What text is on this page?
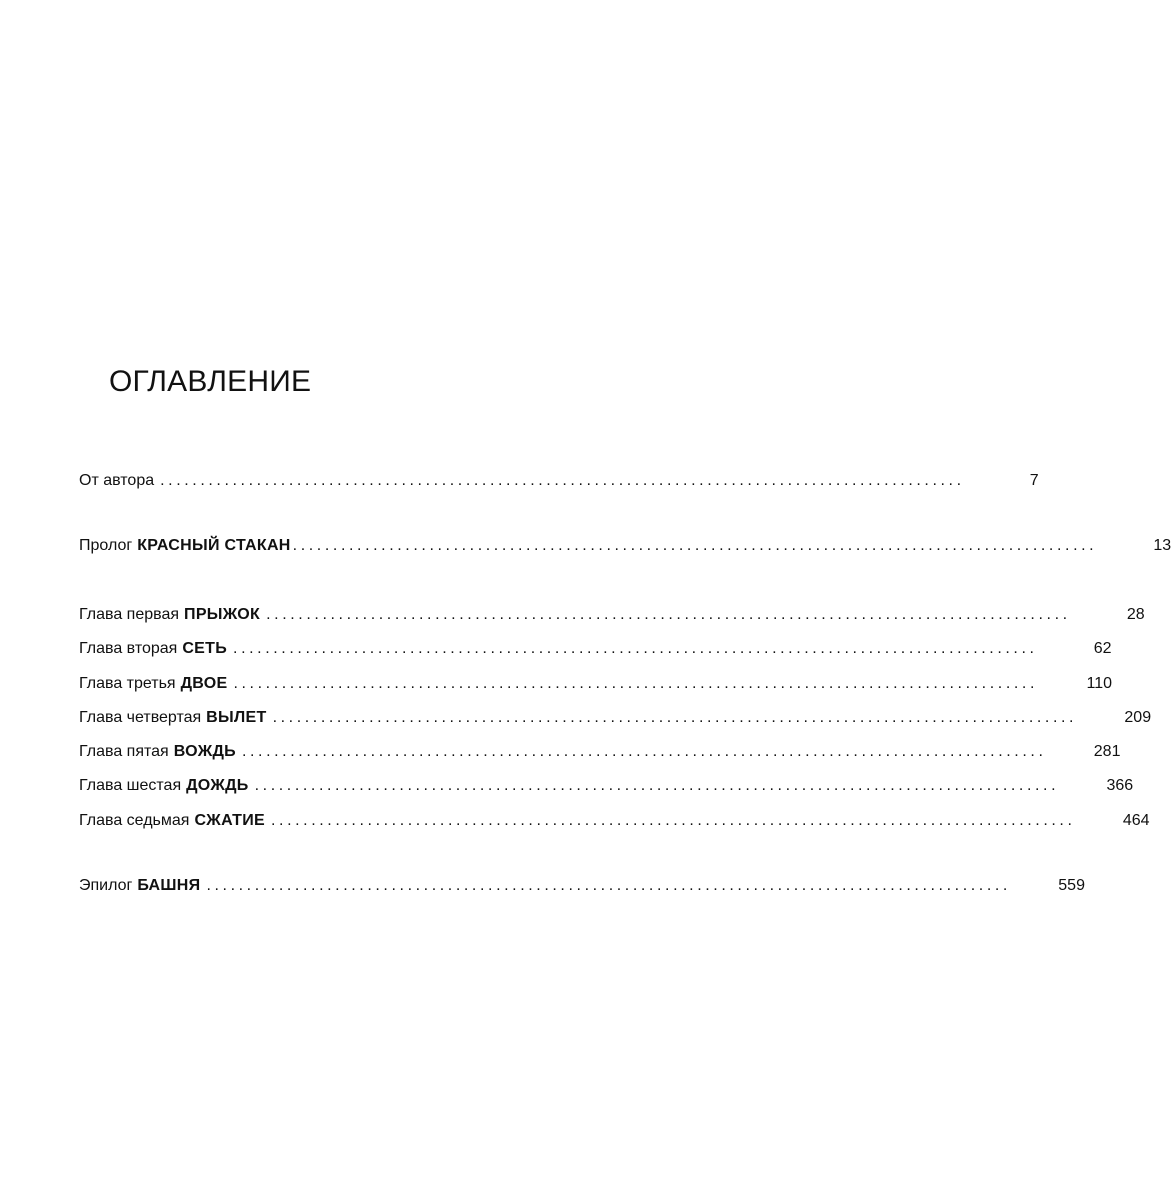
ОГЛАВЛЕНИЕ
От автора ....................................................................................................	7
Пролог КРАСНЫЙ СТАКАН ....................................................................................................	13
Глава первая ПРЫЖОК ....................................................................................................	28
Глава вторая СЕТЬ ....................................................................................................	62
Глава третья ДВОЕ ....................................................................................................	110
Глава четвертая ВЫЛЕТ ....................................................................................................	209
Глава пятая ВОЖДЬ ....................................................................................................	281
Глава шестая ДОЖДЬ ....................................................................................................	366
Глава седьмая СЖАТИЕ ....................................................................................................	464
Эпилог БАШНЯ ....................................................................................................	559
